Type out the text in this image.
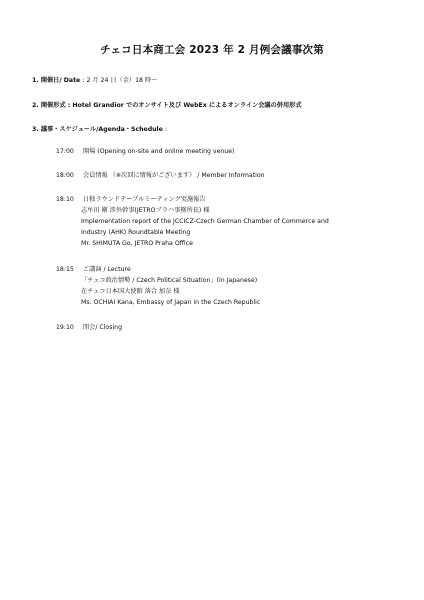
チェコ日本商工会 2023 年 2 月例会議事次第
1. 開催日/ Date : 2 月 24 日（金）18 時〜
2. 開催形式 : Hotel Grandior でのオンサイト及び WebEx によるオンライン会議の併用形式
3. 議事・スケジュール/Agenda・Schedule :
17:00 開場 (Opening on-site and online meeting venue)
18:00 会員情報 （※次回に情報がございます） / Member Information
18:10 日独ラウンドテーブルミーティング実施報告
志牟田 剛 渉外幹事(JETROプラハ事務所長) 様
Implementation report of the JCCICZ-Czech German Chamber of Commerce and
Industry (AHK) Roundtable Meeting
Mr. SHIMUTA Go, JETRO Praha Office
18:15 ご講演 / Lecture
「チェコ政治情勢 / Czech Political Situation」(in Japanese)
在チェコ日本国大使館 落合 加奈 様
Ms. OCHIAI Kana, Embassy of Japan in the Czech Republic
19:10 閉会/ Closing
